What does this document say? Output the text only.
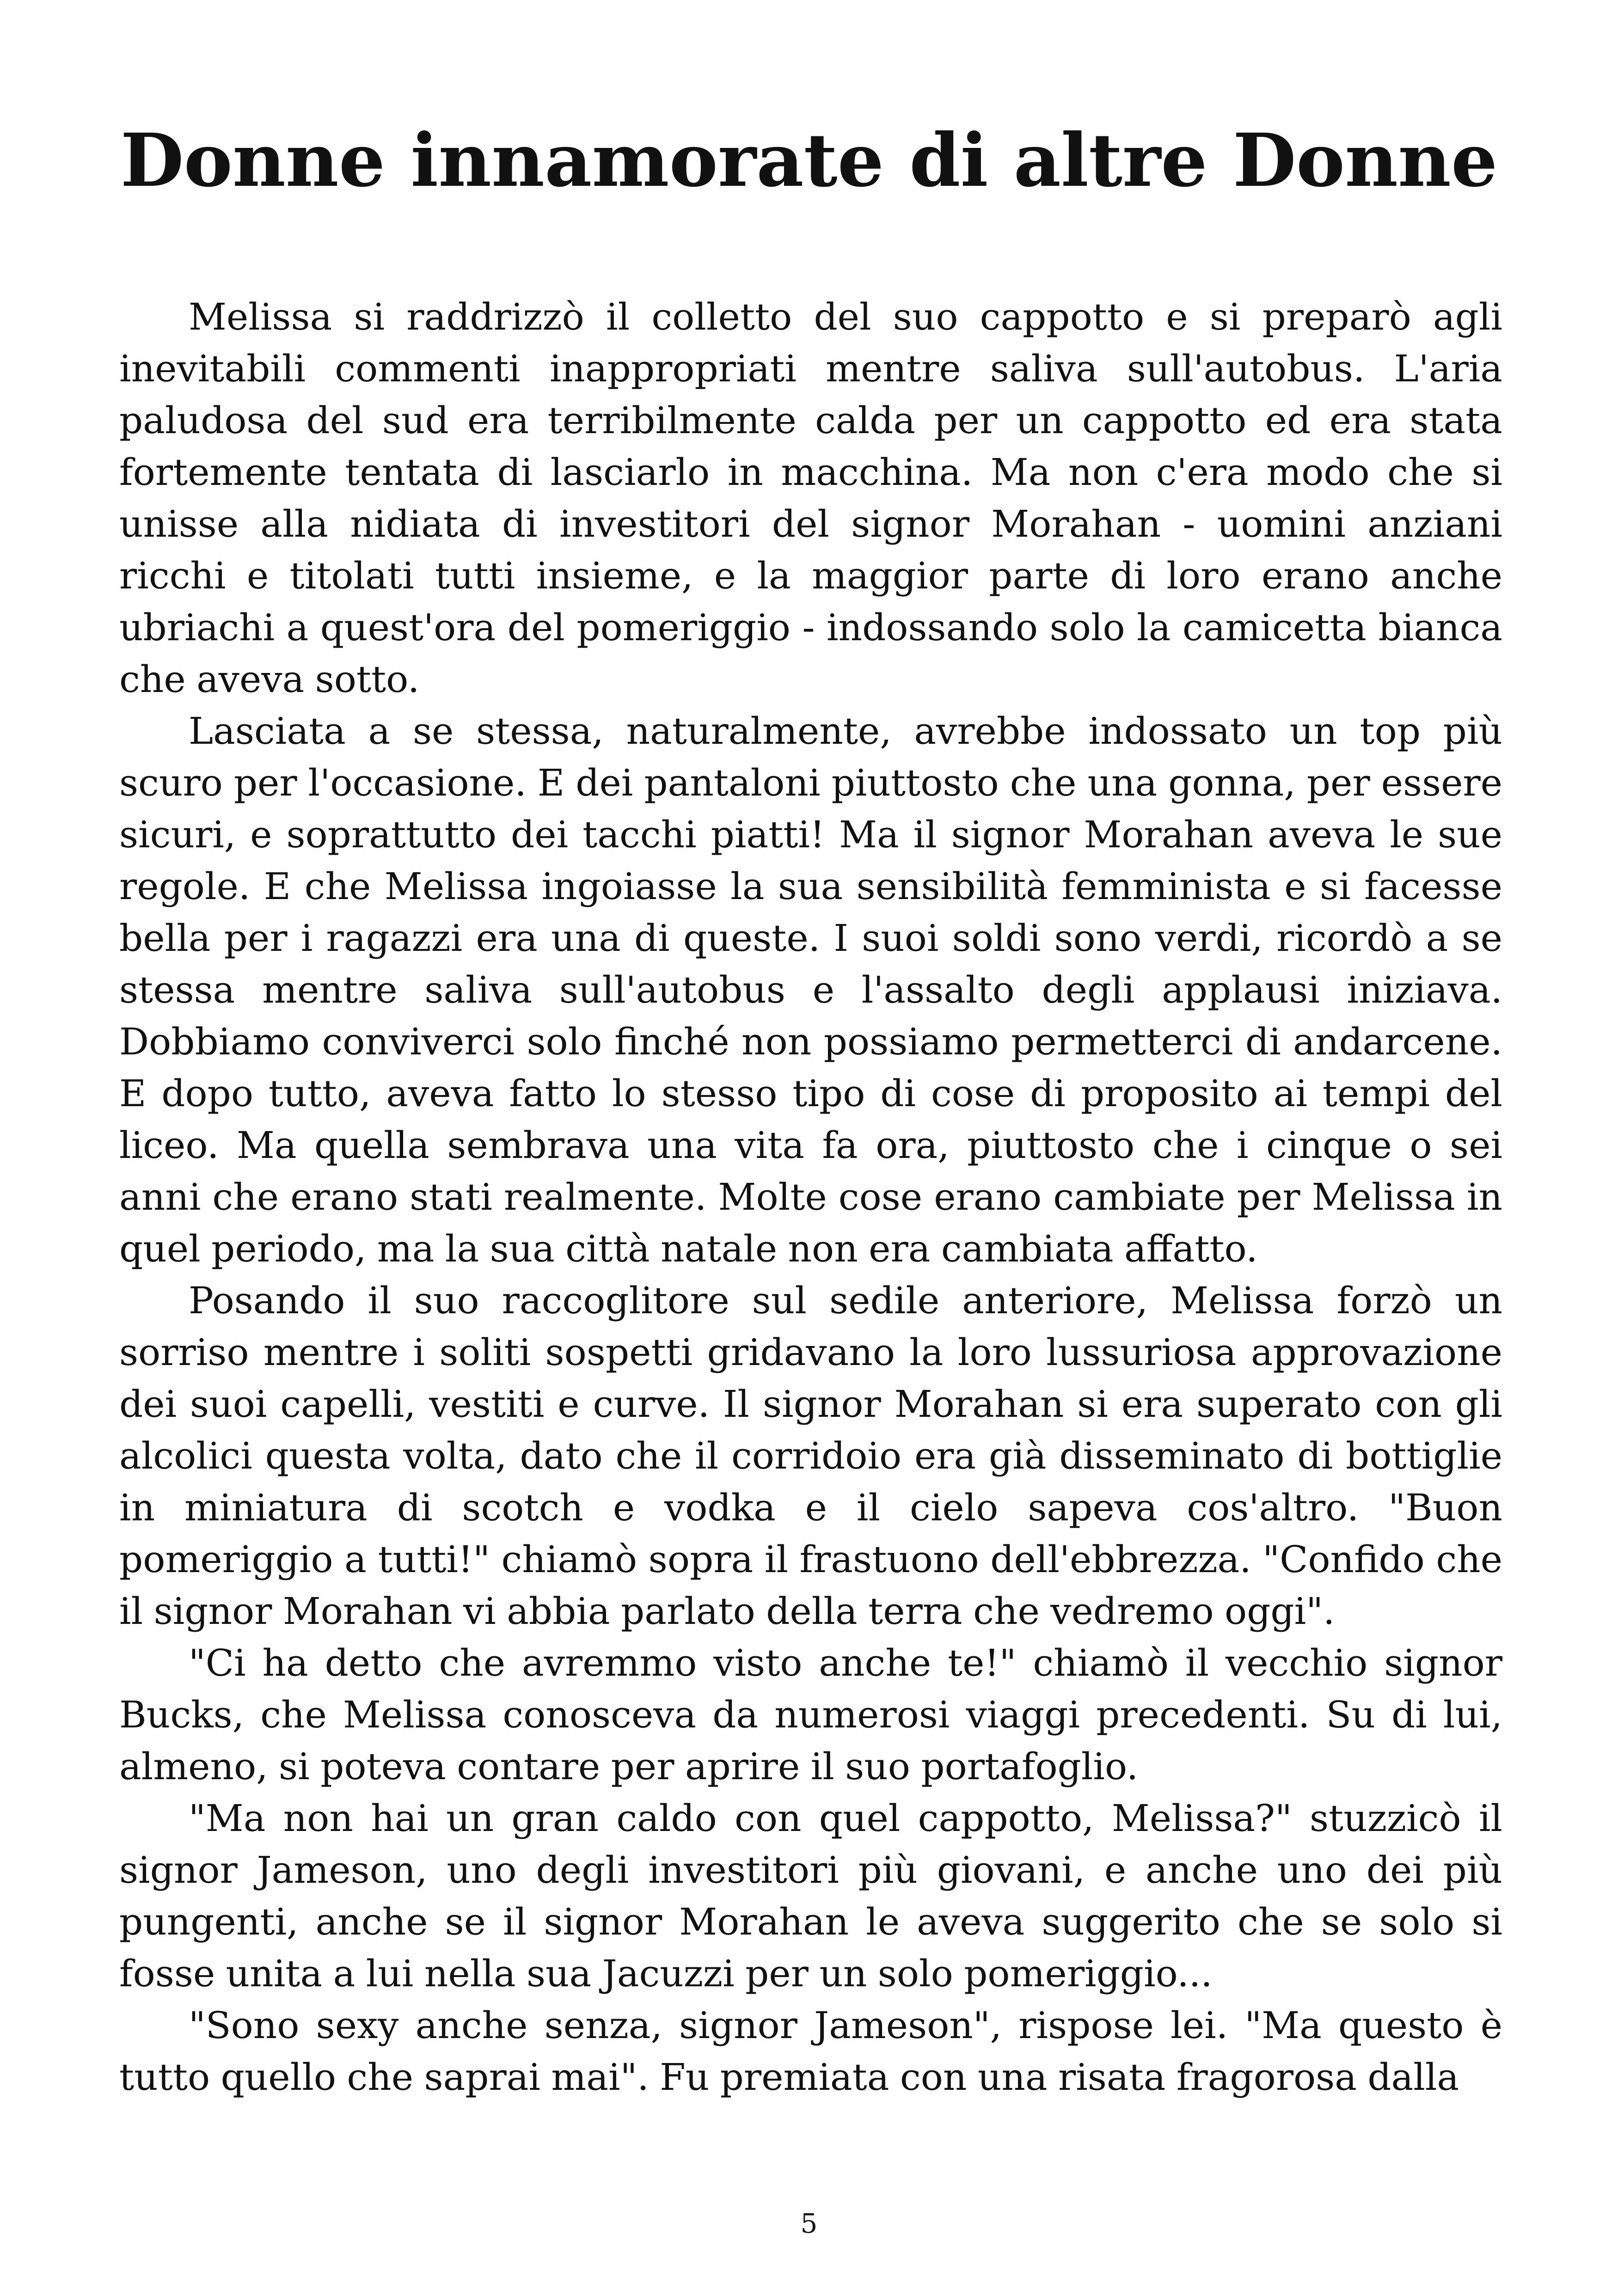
Donne innamorate di altre Donne

Melissa si raddrizzò il colletto del suo cappotto e si preparò agli inevitabili commenti inappropriati mentre saliva sull'autobus. L'aria paludosa del sud era terribilmente calda per un cappotto ed era stata fortemente tentata di lasciarlo in macchina. Ma non c'era modo che si unisse alla nidiata di investitori del signor Morahan - uomini anziani ricchi e titolati tutti insieme, e la maggior parte di loro erano anche ubriachi a quest'ora del pomeriggio - indossando solo la camicetta bianca che aveva sotto.

Lasciata a se stessa, naturalmente, avrebbe indossato un top più scuro per l'occasione. E dei pantaloni piuttosto che una gonna, per essere sicuri, e soprattutto dei tacchi piatti! Ma il signor Morahan aveva le sue regole. E che Melissa ingoiasse la sua sensibilità femminista e si facesse bella per i ragazzi era una di queste. I suoi soldi sono verdi, ricordò a se stessa mentre saliva sull'autobus e l'assalto degli applausi iniziava. Dobbiamo conviverci solo finché non possiamo permetterci di andarcene. E dopo tutto, aveva fatto lo stesso tipo di cose di proposito ai tempi del liceo. Ma quella sembrava una vita fa ora, piuttosto che i cinque o sei anni che erano stati realmente. Molte cose erano cambiate per Melissa in quel periodo, ma la sua città natale non era cambiata affatto.

Posando il suo raccoglitore sul sedile anteriore, Melissa forzò un sorriso mentre i soliti sospetti gridavano la loro lussuriosa approvazione dei suoi capelli, vestiti e curve. Il signor Morahan si era superato con gli alcolici questa volta, dato che il corridoio era già disseminato di bottiglie in miniatura di scotch e vodka e il cielo sapeva cos'altro. "Buon pomeriggio a tutti!" chiamò sopra il frastuono dell'ebbrezza. "Confido che il signor Morahan vi abbia parlato della terra che vedremo oggi".

"Ci ha detto che avremmo visto anche te!" chiamò il vecchio signor Bucks, che Melissa conosceva da numerosi viaggi precedenti. Su di lui, almeno, si poteva contare per aprire il suo portafoglio.

"Ma non hai un gran caldo con quel cappotto, Melissa?" stuzzicò il signor Jameson, uno degli investitori più giovani, e anche uno dei più pungenti, anche se il signor Morahan le aveva suggerito che se solo si fosse unita a lui nella sua Jacuzzi per un solo pomeriggio...

"Sono sexy anche senza, signor Jameson", rispose lei. "Ma questo è tutto quello che saprai mai". Fu premiata con una risata fragorosa dalla

5
